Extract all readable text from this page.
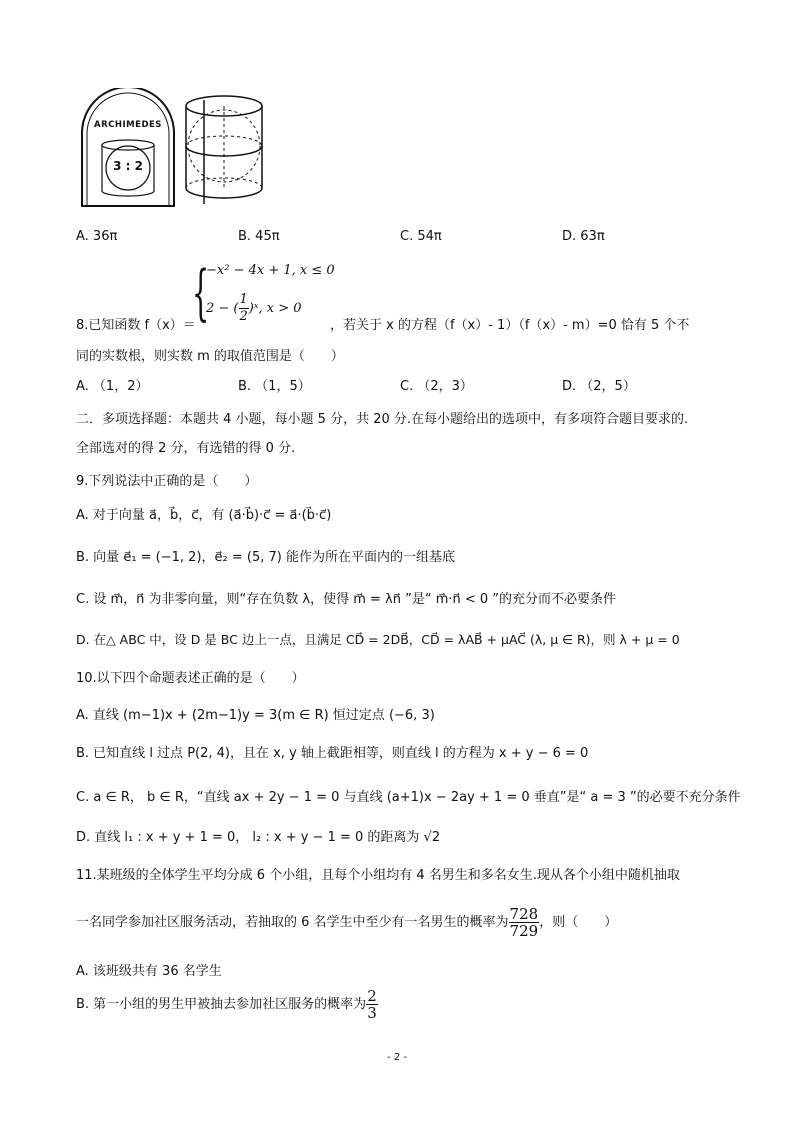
ARCHIMEDES
3 : 2
A. 36π	B. 45π	C. 54π	D. 63π
8.已知函数 f（x）＝
{
−x² − 4x + 1, x ≤ 0
2 − ( $\frac{1}{2}$ )ˣ, x > 0
，若关于 x 的方程（f（x）- 1）（f（x）- m）=0 恰有 5 个不
同的实数根，则实数 m 的取值范围是（　　）
A. （1，2）	B. （1，5）	C. （2，3）	D. （2，5）
二．多项选择题：本题共 4 小题，每小题 5 分，共 20 分.在每小题给出的选项中，有多项符合题目要求的.
全部选对的得 2 分，有选错的得 0 分.
9.下列说法中正确的是（　　）
A. 对于向量 a⃗，b⃗，c⃗，有 (a⃗·b⃗)·c⃗ = a⃗·(b⃗·c⃗)
B. 向量 e⃗₁ = (−1, 2)，e⃗₂ = (5, 7) 能作为所在平面内的一组基底
C. 设 m⃗，n⃗ 为非零向量，则“存在负数 λ，使得 m⃗ = λn⃗ ”是“ m⃗·n⃗ < 0 ”的充分而不必要条件
D. 在△ ABC 中，设 D 是 BC 边上一点，且满足 CD⃗ = 2DB⃗，CD⃗ = λAB⃗ + μAC⃗ (λ, μ ∈ R)，则 λ + μ = 0
10.以下四个命题表述正确的是（　　）
A. 直线 (m−1)x + (2m−1)y = 3(m ∈ R) 恒过定点 (−6, 3)
B. 已知直线 l 过点 P(2, 4)，且在 x, y 轴上截距相等，则直线 l 的方程为 x + y − 6 = 0
C. a ∈ R， b ∈ R，“直线 ax + 2y − 1 = 0 与直线 (a+1)x − 2ay + 1 = 0 垂直”是“ a = 3 ”的必要不充分条件
D. 直线 l₁ : x + y + 1 = 0， l₂ : x + y − 1 = 0 的距离为 √2
11.某班级的全体学生平均分成 6 个小组，且每个小组均有 4 名男生和多名女生.现从各个小组中随机抽取
一名同学参加社区服务活动，若抽取的 6 名学生中至少有一名男生的概率为 $\frac{728}{729}$ ，则（　　）
A. 该班级共有 36 名学生
B. 第一小组的男生甲被抽去参加社区服务的概率为 $\frac{2}{3}$
- 2 -
